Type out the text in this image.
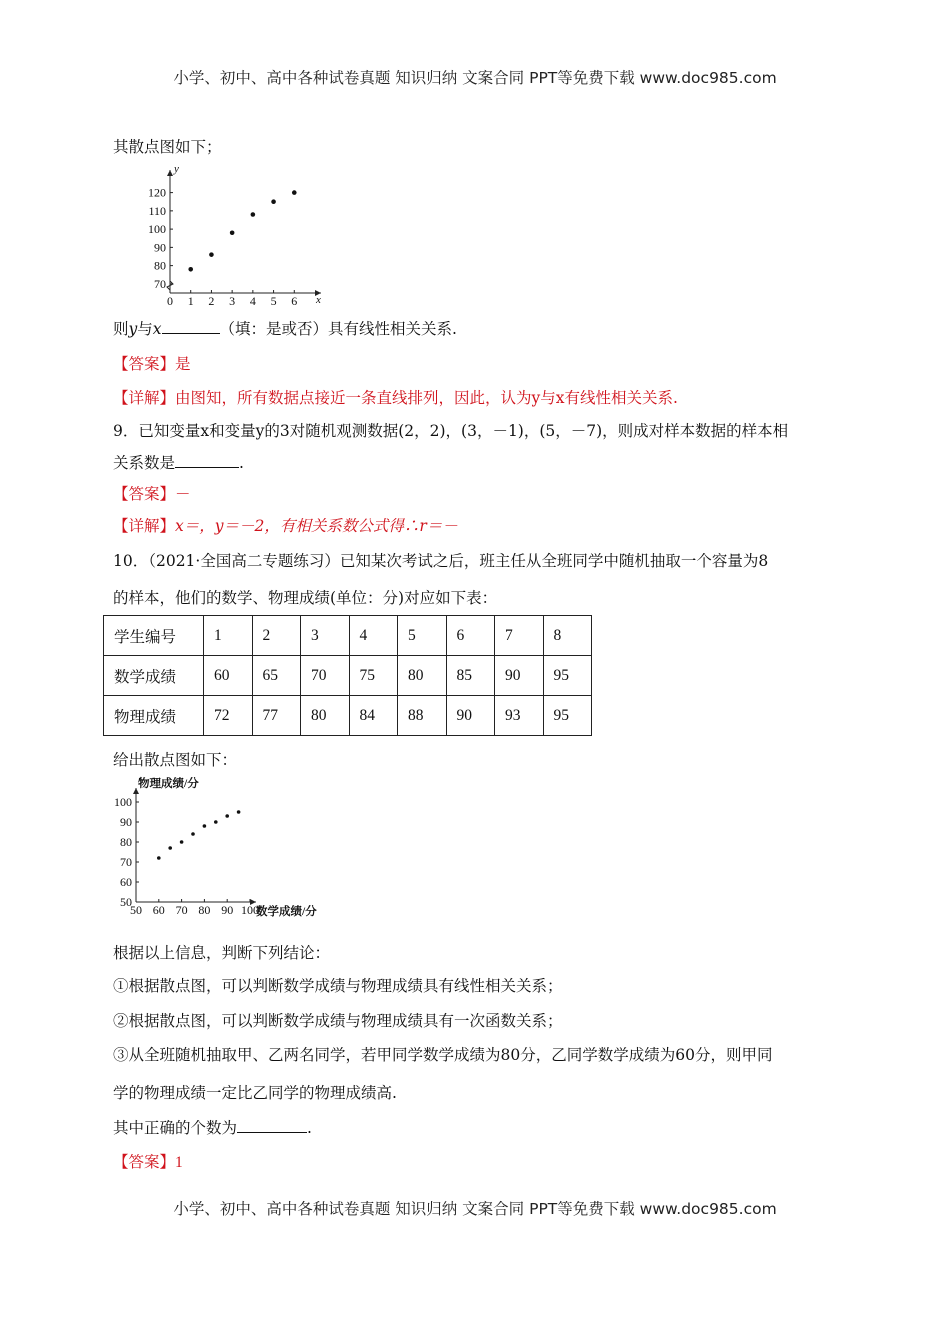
小学、初中、高中各种试卷真题 知识归纳 文案合同 PPT等免费下载 www.doc985.com
其散点图如下；
0 1 2 3 4 5 6
70
80
90
100
110
120
x
y
则y与x	（填：是或否）具有线性相关关系.
【答案】是
【详解】由图知，所有数据点接近一条直线排列，因此，认为y与x有线性相关关系.
9．已知变量x和变量y的3对随机观测数据(2，2)，(3，－1)，(5，－7)，则成对样本数据的样本相
关系数是	.
【答案】－
【详解】x＝，y＝－2，有相关系数公式得∴r＝－
10．（2021·全国高二专题练习）已知某次考试之后，班主任从全班同学中随机抽取一个容量为8
的样本，他们的数学、物理成绩(单位：分)对应如下表：
学生编号	1	2	3	4	5	6	7	8
数学成绩	60	65	70	75	80	85	90	95
物理成绩	72	77	80	84	88	90	93	95
给出散点图如下：
50 60 70 80 90 100
50
60
70
80
90
100
数学成绩/分
物理成绩/分
根据以上信息，判断下列结论：
①根据散点图，可以判断数学成绩与物理成绩具有线性相关关系；
②根据散点图，可以判断数学成绩与物理成绩具有一次函数关系；
③从全班随机抽取甲、乙两名同学，若甲同学数学成绩为80分，乙同学数学成绩为60分，则甲同
学的物理成绩一定比乙同学的物理成绩高.
其中正确的个数为	.
【答案】1
小学、初中、高中各种试卷真题 知识归纳 文案合同 PPT等免费下载 www.doc985.com
